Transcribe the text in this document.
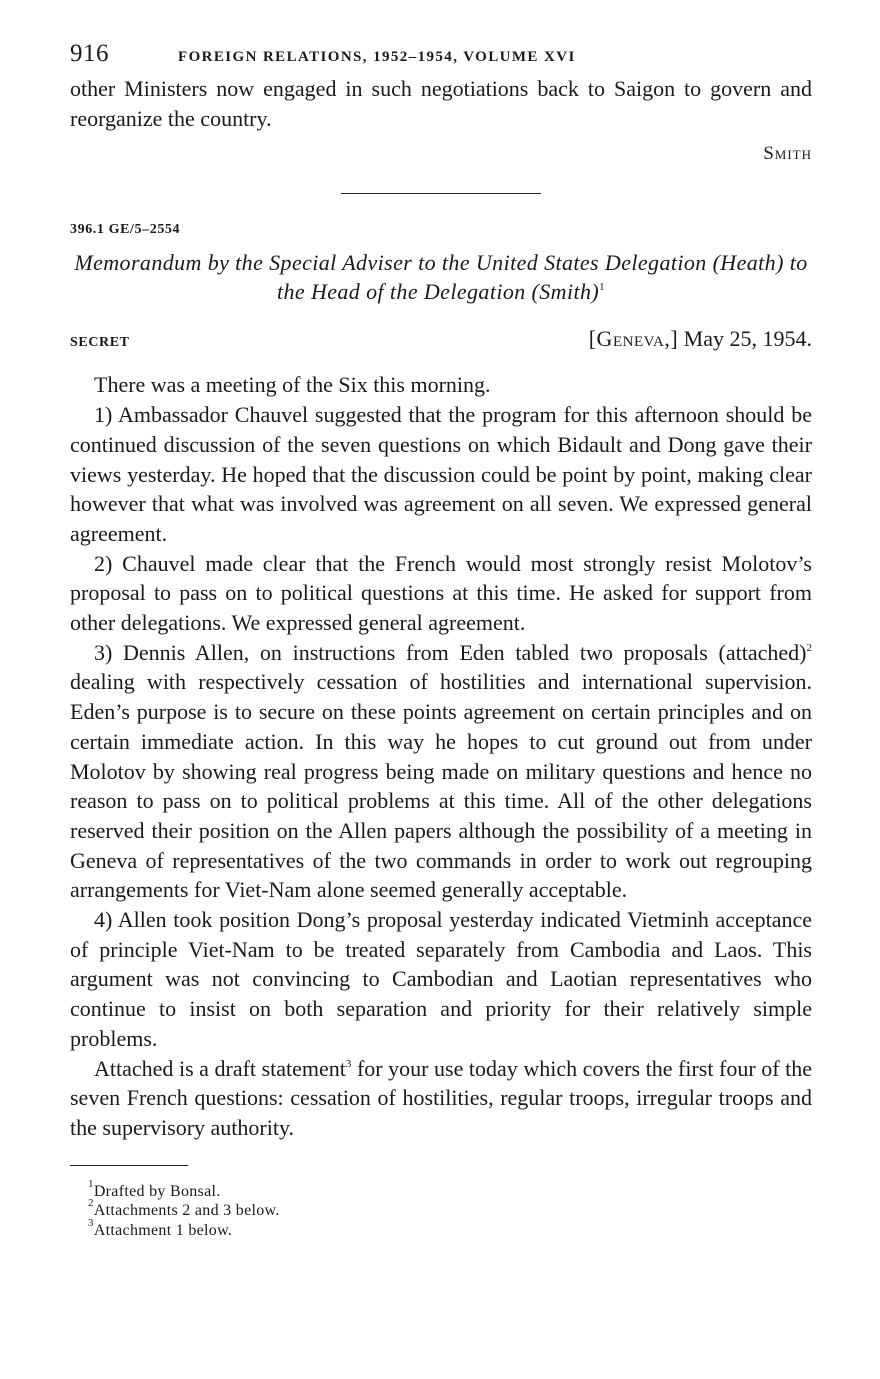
916	FOREIGN RELATIONS, 1952–1954, VOLUME XVI

other Ministers now engaged in such negotiations back to Saigon to govern and reorganize the country.

Smith
396.1 GE/5–2554
Memorandum by the Special Adviser to the United States Delegation (Heath) to the Head of the Delegation (Smith)$^1$
SECRET	[Geneva,] May 25, 1954.

There was a meeting of the Six this morning.

1) Ambassador Chauvel suggested that the program for this afternoon should be continued discussion of the seven questions on which Bidault and Dong gave their views yesterday. He hoped that the discussion could be point by point, making clear however that what was involved was agreement on all seven. We expressed general agreement.

2) Chauvel made clear that the French would most strongly resist Molotov’s proposal to pass on to political questions at this time. He asked for support from other delegations. We expressed general agreement.

3) Dennis Allen, on instructions from Eden tabled two proposals (attached)$^2$ dealing with respectively cessation of hostilities and international supervision. Eden’s purpose is to secure on these points agreement on certain principles and on certain immediate action. In this way he hopes to cut ground out from under Molotov by showing real progress being made on military questions and hence no reason to pass on to political problems at this time. All of the other delegations reserved their position on the Allen papers although the possibility of a meeting in Geneva of representatives of the two commands in order to work out regrouping arrangements for Viet-Nam alone seemed generally acceptable.

4) Allen took position Dong’s proposal yesterday indicated Vietminh acceptance of principle Viet-Nam to be treated separately from Cambodia and Laos. This argument was not convincing to Cambodian and Laotian representatives who continue to insist on both separation and priority for their relatively simple problems.

Attached is a draft statement$^3$ for your use today which covers the first four of the seven French questions: cessation of hostilities, regular troops, irregular troops and the supervisory authority.

$^1$Drafted by Bonsal.
$^2$Attachments 2 and 3 below.
$^3$Attachment 1 below.
